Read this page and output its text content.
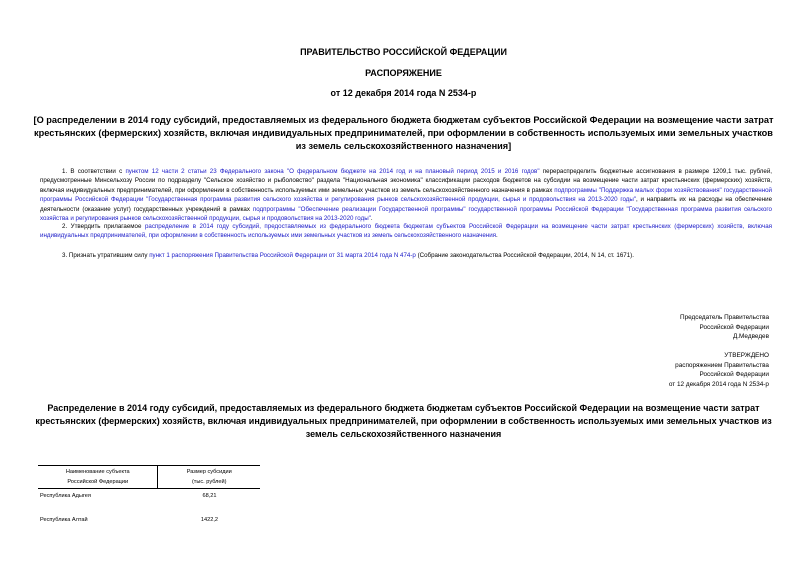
ПРАВИТЕЛЬСТВО РОССИЙСКОЙ ФЕДЕРАЦИИ
РАСПОРЯЖЕНИЕ
от 12 декабря 2014 года N 2534-р
[О распределении в 2014 году субсидий, предоставляемых из федерального бюджета бюджетам субъектов Российской Федерации на возмещение части затрат крестьянских (фермерских) хозяйств, включая индивидуальных предпринимателей, при оформлении в собственность используемых ими земельных участков из земель сельскохозяйственного назначения]
1. В соответствии с пунктом 12 части 2 статьи 23 Федерального закона "О федеральном бюджете на 2014 год и на плановый период 2015 и 2016 годов" перераспределить бюджетные ассигнования в размере 1209,1 тыс. рублей, предусмотренные Минсельхозу России по подразделу "Сельское хозяйство и рыболовство" раздела "Национальная экономика" классификации расходов бюджетов на субсидии на возмещение части затрат крестьянских (фермерских) хозяйств, включая индивидуальных предпринимателей, при оформлении в собственность используемых ими земельных участков из земель сельскохозяйственного назначения в рамках подпрограммы "Поддержка малых форм хозяйствования" государственной программы Российской Федерации "Государственная программа развития сельского хозяйства и регулирования рынков сельскохозяйственной продукции, сырья и продовольствия на 2013-2020 годы", и направить их на расходы на обеспечение деятельности (оказание услуг) государственных учреждений в рамках подпрограммы "Обеспечение реализации Государственной программы" государственной программы Российской Федерации "Государственная программа развития сельского хозяйства и регулирования рынков сельскохозяйственной продукции, сырья и продовольствия на 2013-2020 годы".
2. Утвердить прилагаемое распределение в 2014 году субсидий, предоставляемых из федерального бюджета бюджетам субъектов Российской Федерации на возмещение части затрат крестьянских (фермерских) хозяйств, включая индивидуальных предпринимателей, при оформлении в собственность используемых ими земельных участков из земель сельскохозяйственного назначения.
3. Признать утратившим силу пункт 1 распоряжения Правительства Российской Федерации от 31 марта 2014 года N 474-р (Собрание законодательства Российской Федерации, 2014, N 14, ст. 1671).
Председатель Правительства
Российской Федерации
Д.Медведев
УТВЕРЖДЕНО
распоряжением Правительства
Российской Федерации
от 12 декабря 2014 года N 2534-р
Распределение в 2014 году субсидий, предоставляемых из федерального бюджета бюджетам субъектов Российской Федерации на возмещение части затрат крестьянских (фермерских) хозяйств, включая индивидуальных предпринимателей, при оформлении в собственность используемых ими земельных участков из земель сельскохозяйственного назначения
Наименование субъекта
Российской Федерации
Размер субсидии
(тыс. рублей)
Республика Адыгея	68,21
Республика Алтай	1422,2
